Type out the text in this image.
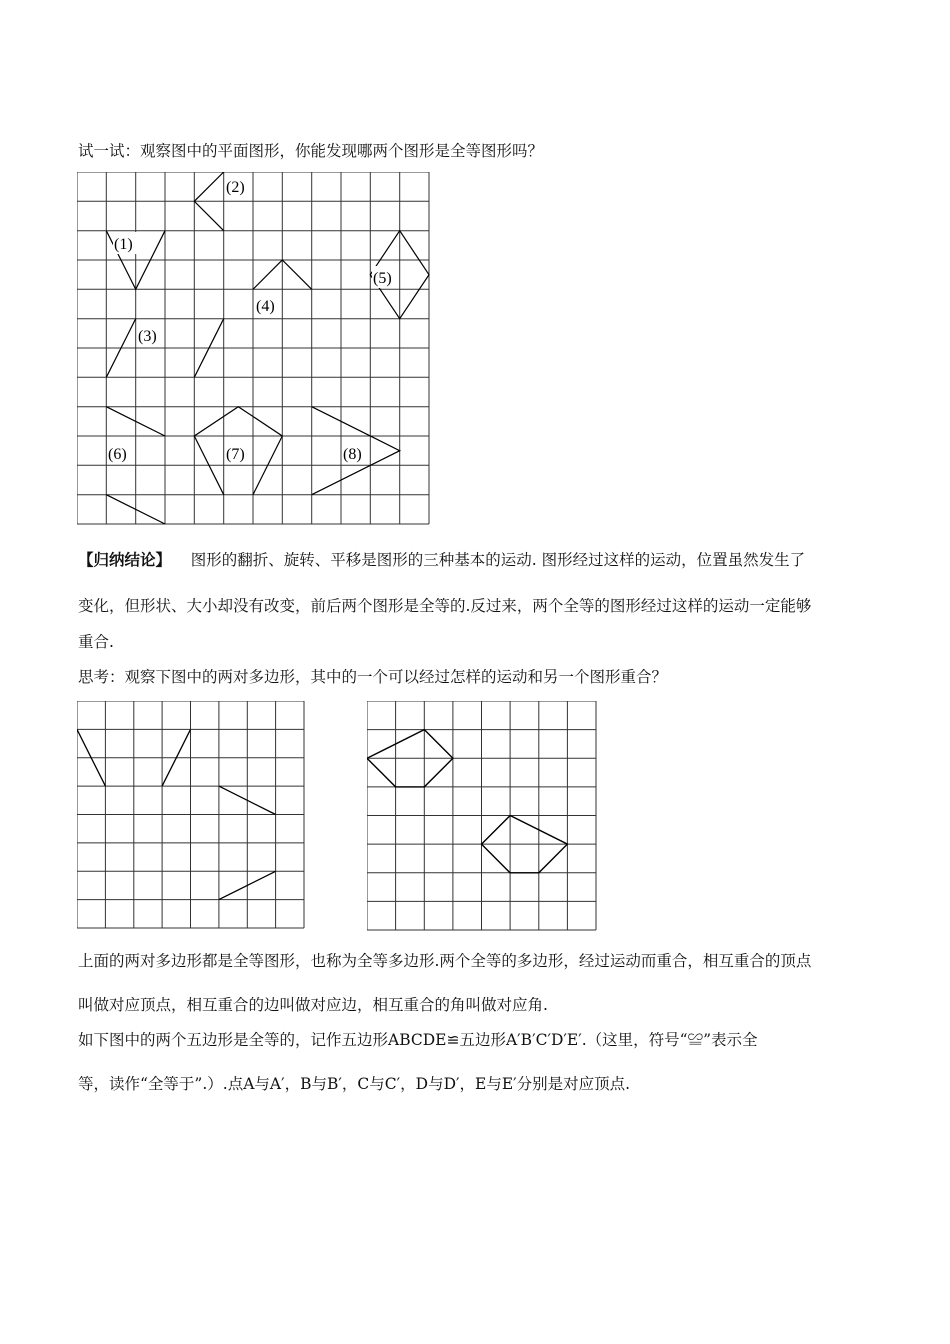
试一试：观察图中的平面图形，你能发现哪两个图形是全等图形吗？
(2)
(1)
(5)
(4)
(3)
(6)	(7)	(8)
【归纳结论】 图形的翻折、旋转、平移是图形的三种基本的运动. 图形经过这样的运动，位置虽然发生了
变化，但形状、大小却没有改变，前后两个图形是全等的.反过来，两个全等的图形经过这样的运动一定能够
重合.
思考：观察下图中的两对多边形，其中的一个可以经过怎样的运动和另一个图形重合？
上面的两对多边形都是全等图形，也称为全等多边形.两个全等的多边形，经过运动而重合，相互重合的顶点
叫做对应顶点，相互重合的边叫做对应边，相互重合的角叫做对应角.
如下图中的两个五边形是全等的，记作五边形ABCDE≌五边形A′B′C′D′E′.（这里，符号“≌”表示全
等，读作“全等于”.）.点A与A′，B与B′，C与C′，D与D′，E与E′分别是对应顶点.
